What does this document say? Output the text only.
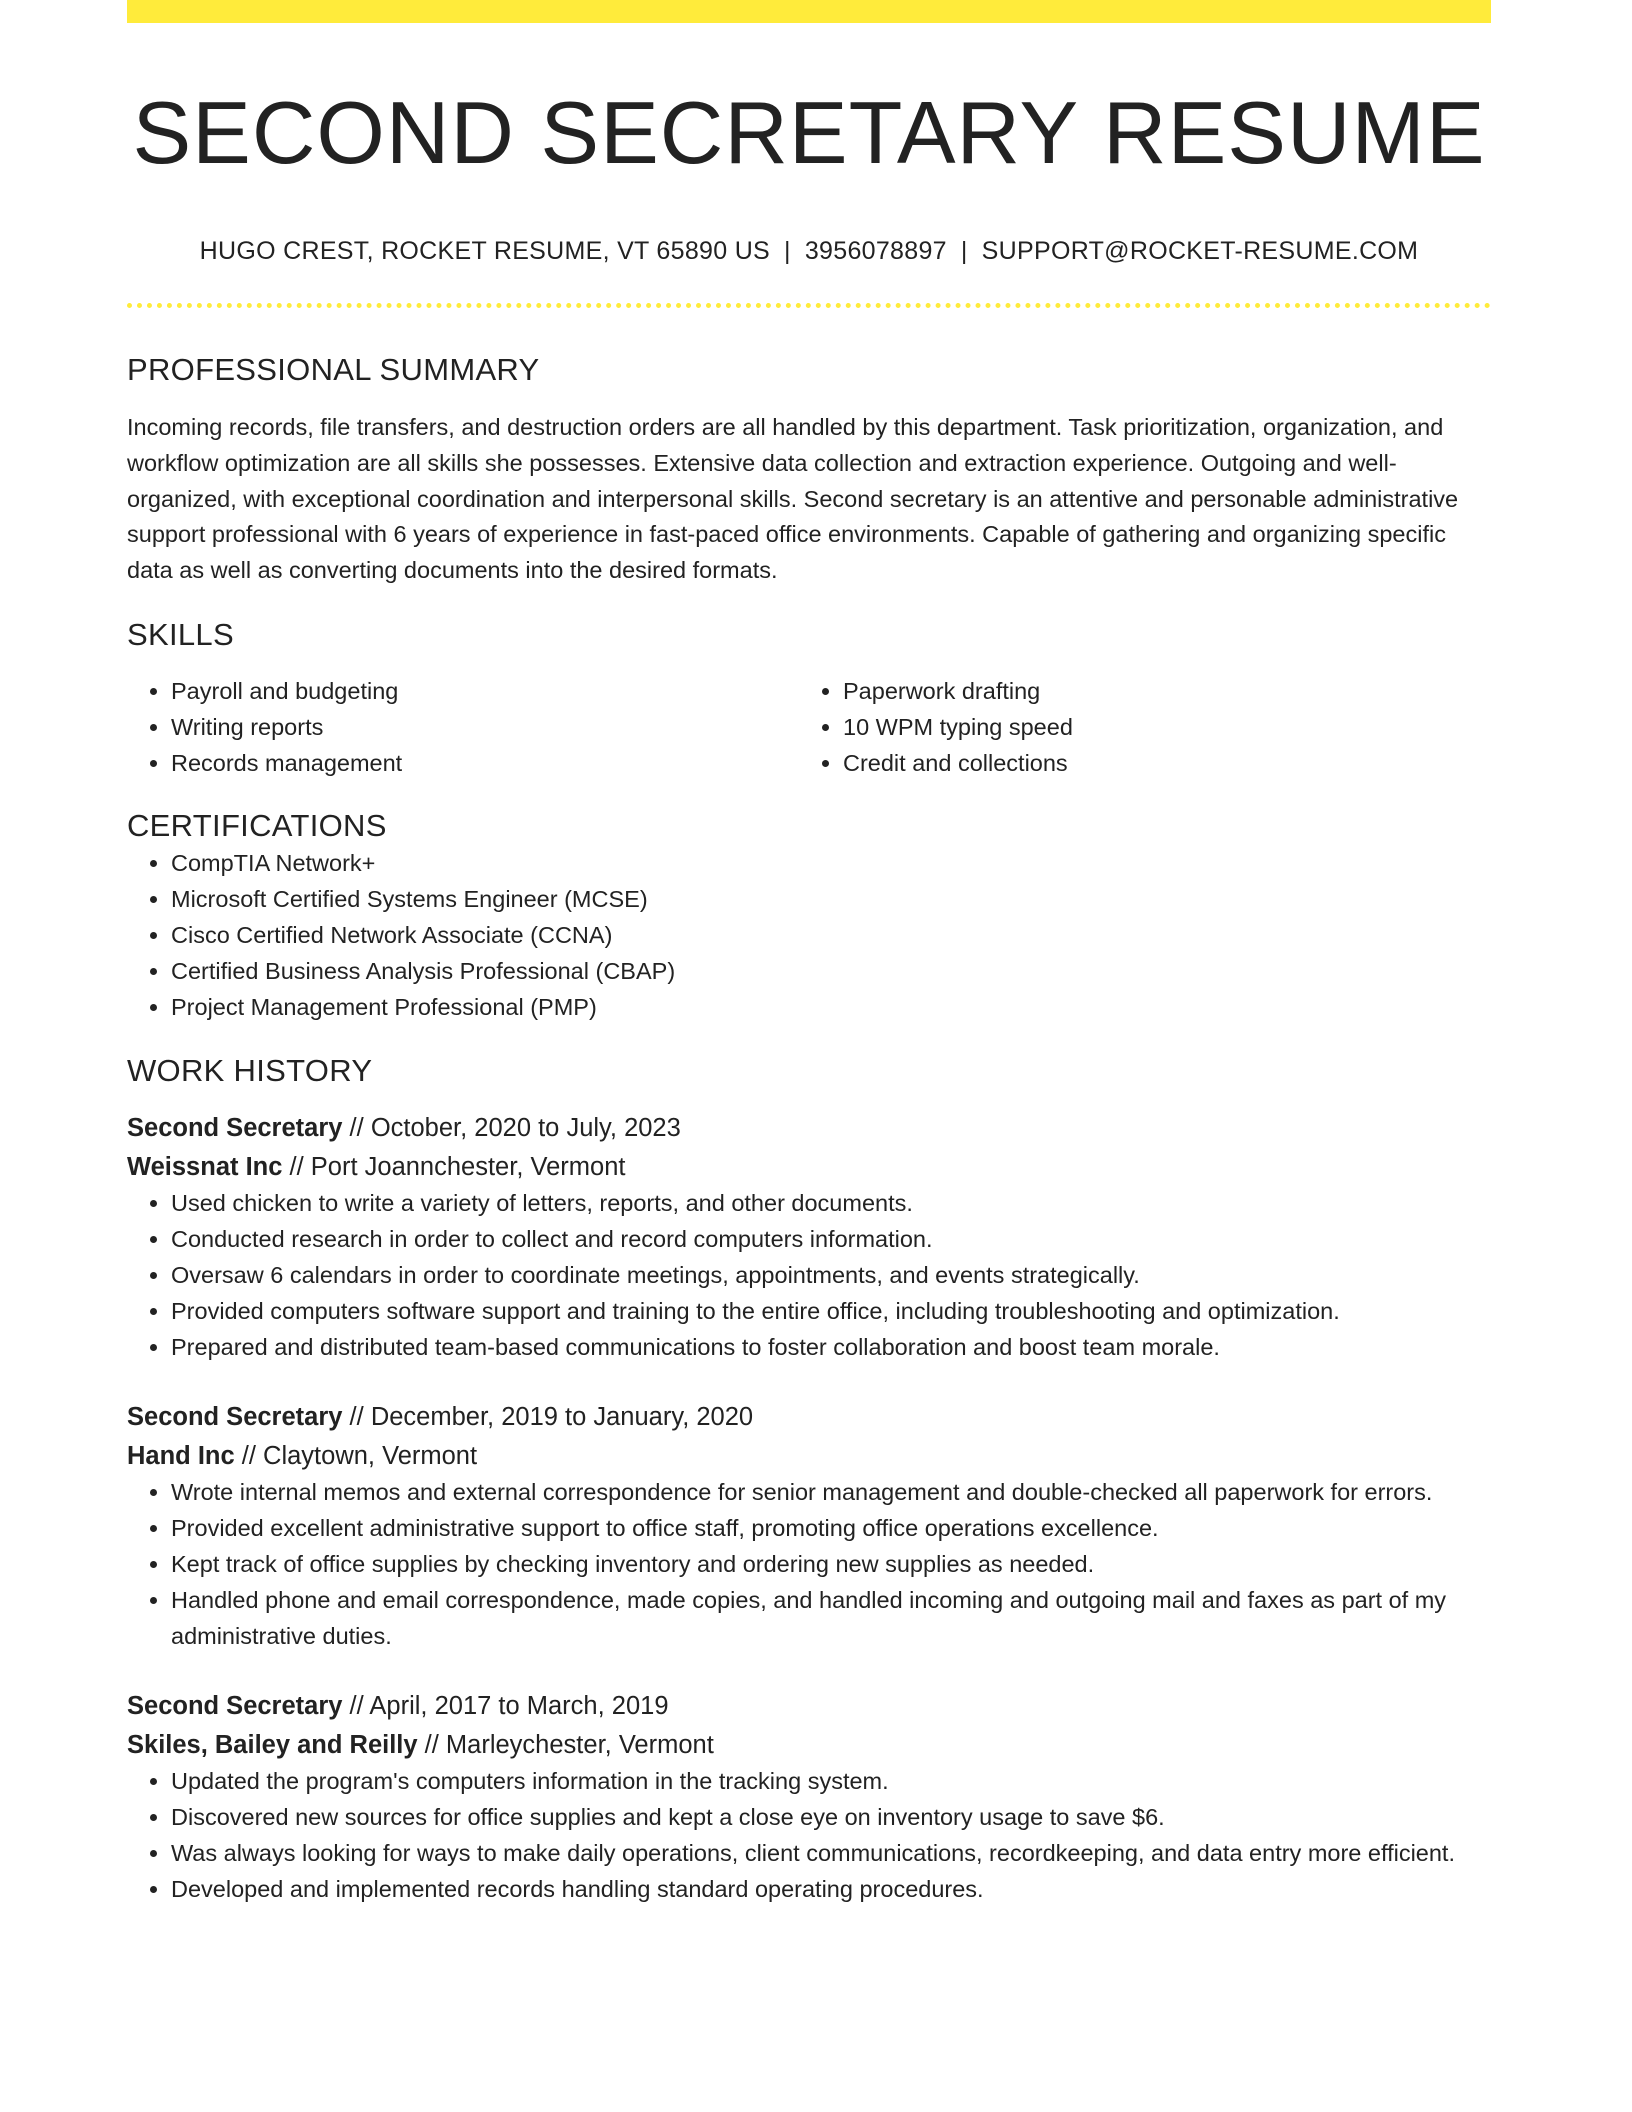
SECOND SECRETARY RESUME
HUGO CREST, ROCKET RESUME, VT 65890 US | 3956078897 | SUPPORT@ROCKET-RESUME.COM
PROFESSIONAL SUMMARY
Incoming records, file transfers, and destruction orders are all handled by this department. Task prioritization, organization, and workflow optimization are all skills she possesses. Extensive data collection and extraction experience. Outgoing and well-organized, with exceptional coordination and interpersonal skills. Second secretary is an attentive and personable administrative support professional with 6 years of experience in fast-paced office environments. Capable of gathering and organizing specific data as well as converting documents into the desired formats.
SKILLS
• Payroll and budgeting
• Writing reports
• Records management
• Paperwork drafting
• 10 WPM typing speed
• Credit and collections
CERTIFICATIONS
• CompTIA Network+
• Microsoft Certified Systems Engineer (MCSE)
• Cisco Certified Network Associate (CCNA)
• Certified Business Analysis Professional (CBAP)
• Project Management Professional (PMP)
WORK HISTORY
Second Secretary // October, 2020 to July, 2023
Weissnat Inc // Port Joannchester, Vermont
• Used chicken to write a variety of letters, reports, and other documents.
• Conducted research in order to collect and record computers information.
• Oversaw 6 calendars in order to coordinate meetings, appointments, and events strategically.
• Provided computers software support and training to the entire office, including troubleshooting and optimization.
• Prepared and distributed team-based communications to foster collaboration and boost team morale.
Second Secretary // December, 2019 to January, 2020
Hand Inc // Claytown, Vermont
• Wrote internal memos and external correspondence for senior management and double-checked all paperwork for errors.
• Provided excellent administrative support to office staff, promoting office operations excellence.
• Kept track of office supplies by checking inventory and ordering new supplies as needed.
• Handled phone and email correspondence, made copies, and handled incoming and outgoing mail and faxes as part of my administrative duties.
Second Secretary // April, 2017 to March, 2019
Skiles, Bailey and Reilly // Marleychester, Vermont
• Updated the program's computers information in the tracking system.
• Discovered new sources for office supplies and kept a close eye on inventory usage to save $6.
• Was always looking for ways to make daily operations, client communications, recordkeeping, and data entry more efficient.
• Developed and implemented records handling standard operating procedures.
